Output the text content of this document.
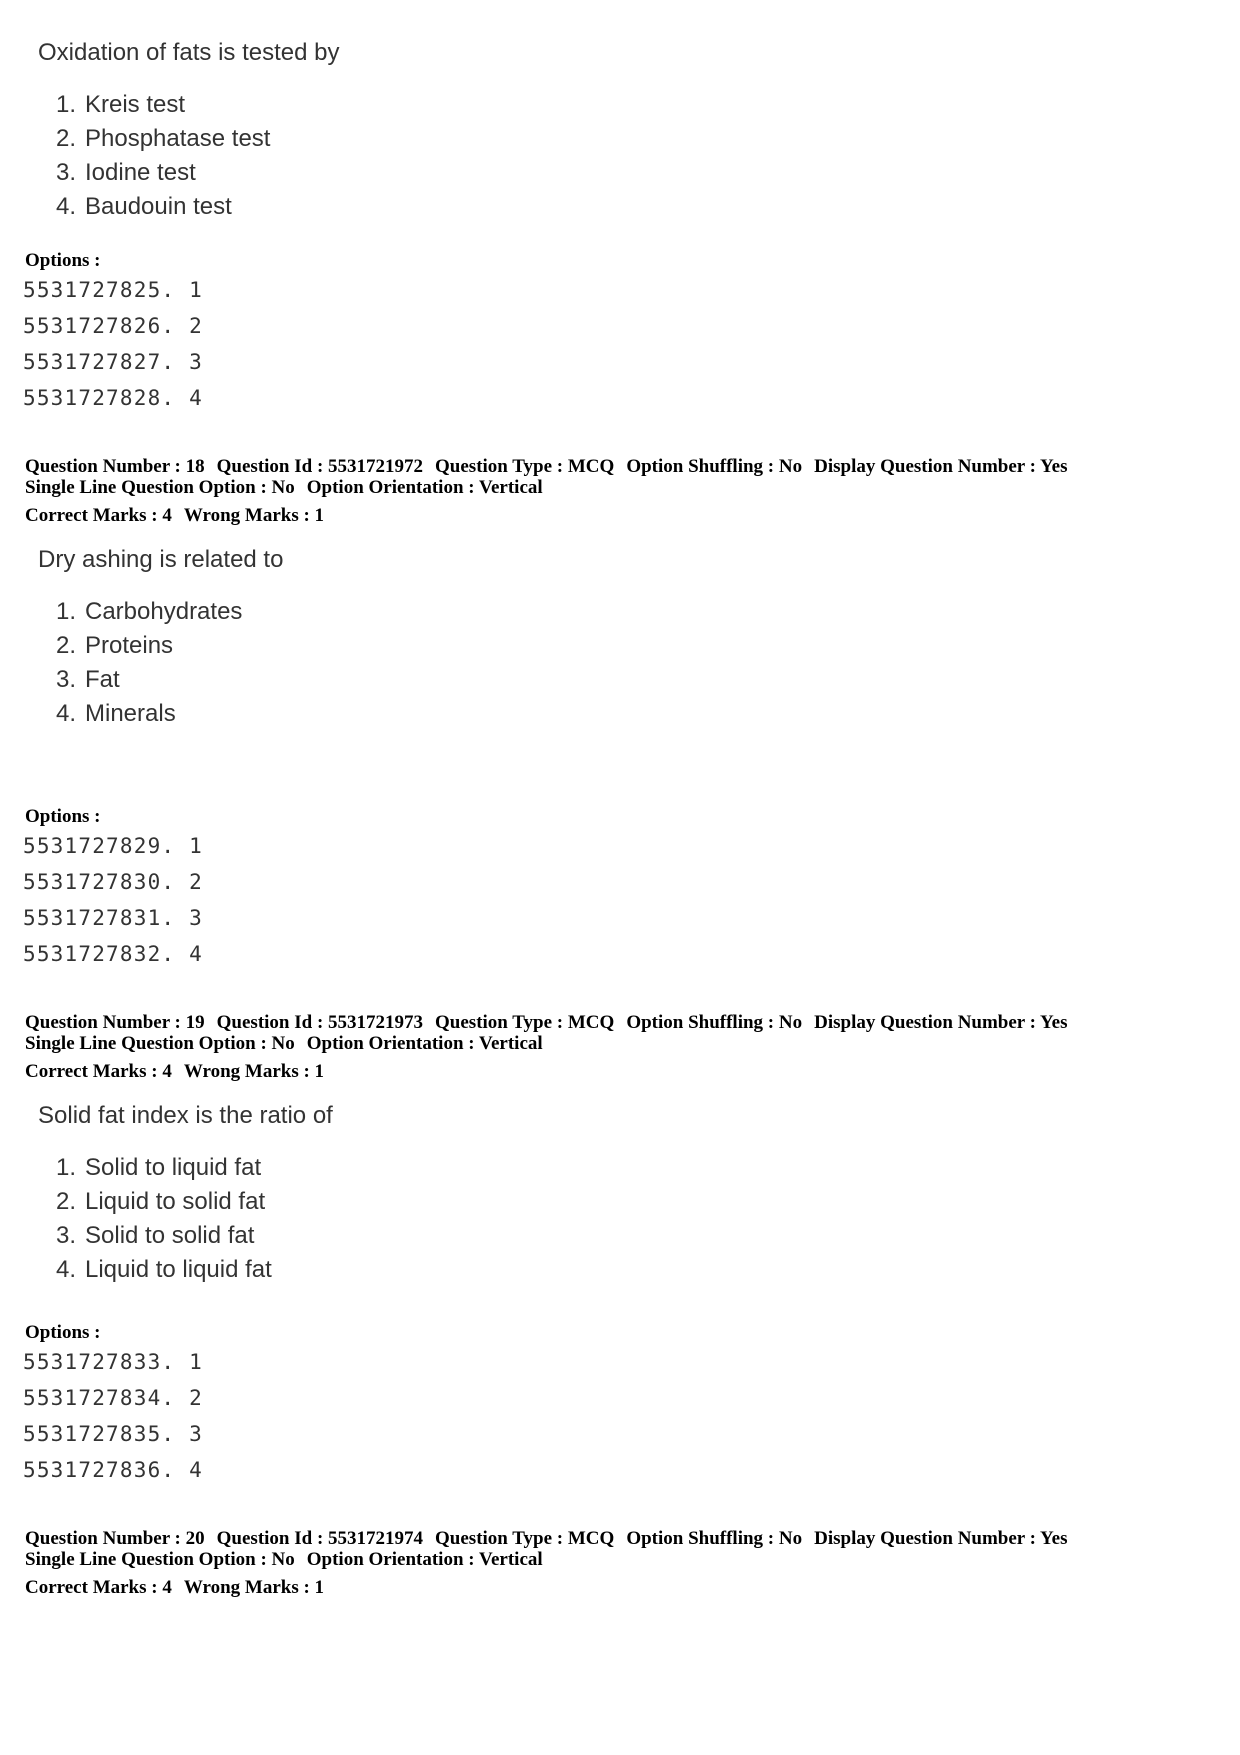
Oxidation of fats is tested by

1. Kreis test
2. Phosphatase test
3. Iodine test
4. Baudouin test
Options :
5531727825. 1
5531727826. 2
5531727827. 3
5531727828. 4
Question Number : 18 Question Id : 5531721972 Question Type : MCQ Option Shuffling : No Display Question Number : Yes
Single Line Question Option : No Option Orientation : Vertical
Correct Marks : 4 Wrong Marks : 1

Dry ashing is related to

1. Carbohydrates
2. Proteins
3. Fat
4. Minerals
Options :
5531727829. 1
5531727830. 2
5531727831. 3
5531727832. 4
Question Number : 19 Question Id : 5531721973 Question Type : MCQ Option Shuffling : No Display Question Number : Yes
Single Line Question Option : No Option Orientation : Vertical
Correct Marks : 4 Wrong Marks : 1

Solid fat index is the ratio of

1. Solid to liquid fat
2. Liquid to solid fat
3. Solid to solid fat
4. Liquid to liquid fat
Options :
5531727833. 1
5531727834. 2
5531727835. 3
5531727836. 4
Question Number : 20 Question Id : 5531721974 Question Type : MCQ Option Shuffling : No Display Question Number : Yes
Single Line Question Option : No Option Orientation : Vertical
Correct Marks : 4 Wrong Marks : 1
